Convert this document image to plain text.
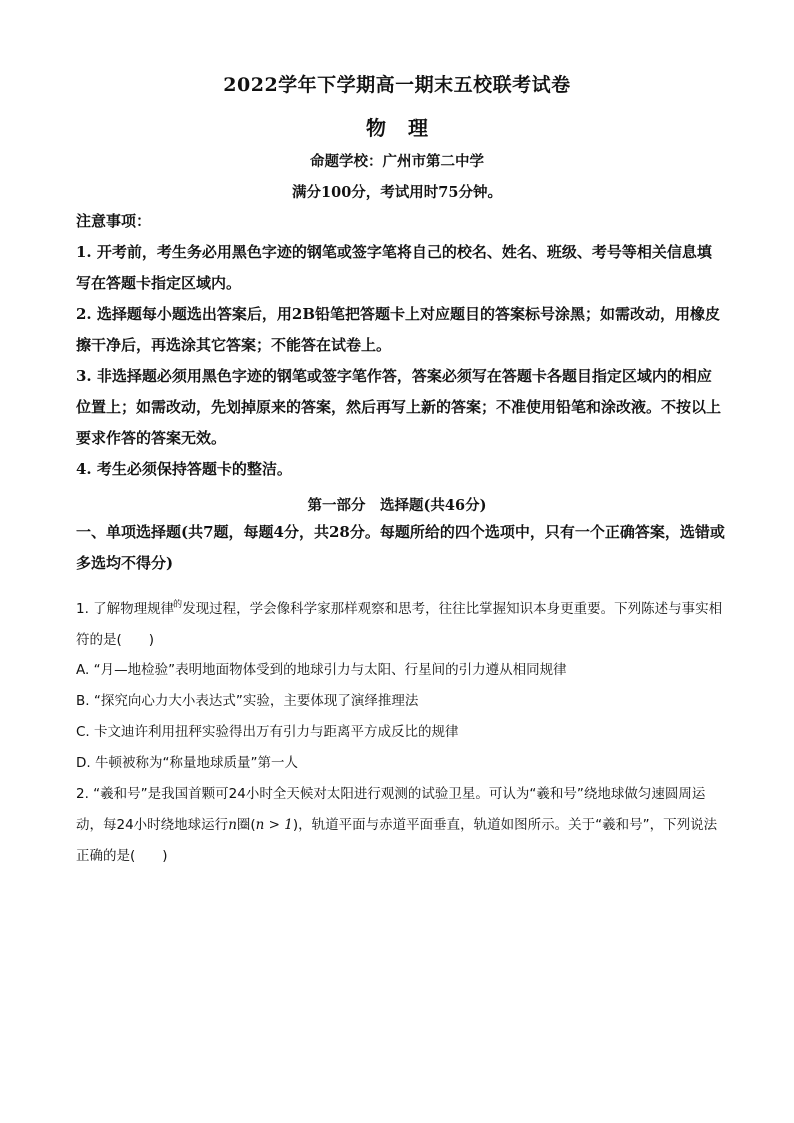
2022学年下学期高一期末五校联考试卷
物理
命题学校：广州市第二中学
满分100分，考试用时75分钟。
注意事项：
1. 开考前，考生务必用黑色字迹的钢笔或签字笔将自己的校名、姓名、班级、考号等相关信息填写在答题卡指定区域内。
2. 选择题每小题选出答案后，用2B铅笔把答题卡上对应题目的答案标号涂黑；如需改动，用橡皮擦干净后，再选涂其它答案；不能答在试卷上。
3. 非选择题必须用黑色字迹的钢笔或签字笔作答，答案必须写在答题卡各题目指定区域内的相应位置上；如需改动，先划掉原来的答案，然后再写上新的答案；不准使用铅笔和涂改液。不按以上要求作答的答案无效。
4. 考生必须保持答题卡的整洁。
第一部分　选择题(共46分)
一、单项选择题(共7题，每题4分，共28分。每题所给的四个选项中，只有一个正确答案，选错或多选均不得分)
1. 了解物理规律$^的$发现过程，学会像科学家那样观察和思考，往往比掌握知识本身更重要。下列陈述与事实相符的是(　　)
A. “月—地检验”表明地面物体受到的地球引力与太阳、行星间的引力遵从相同规律
B. “探究向心力大小表达式”实验，主要体现了演绎推理法
C. 卡文迪许利用扭秤实验得出万有引力与距离平方成反比的规律
D. 牛顿被称为“称量地球质量”第一人
2. “羲和号”是我国首颗可24小时全天候对太阳进行观测的试验卫星。可认为“羲和号”绕地球做匀速圆周运动，每24小时绕地球运行n圈(n > 1)，轨道平面与赤道平面垂直，轨道如图所示。关于“羲和号”，下列说法正确的是(　　)
